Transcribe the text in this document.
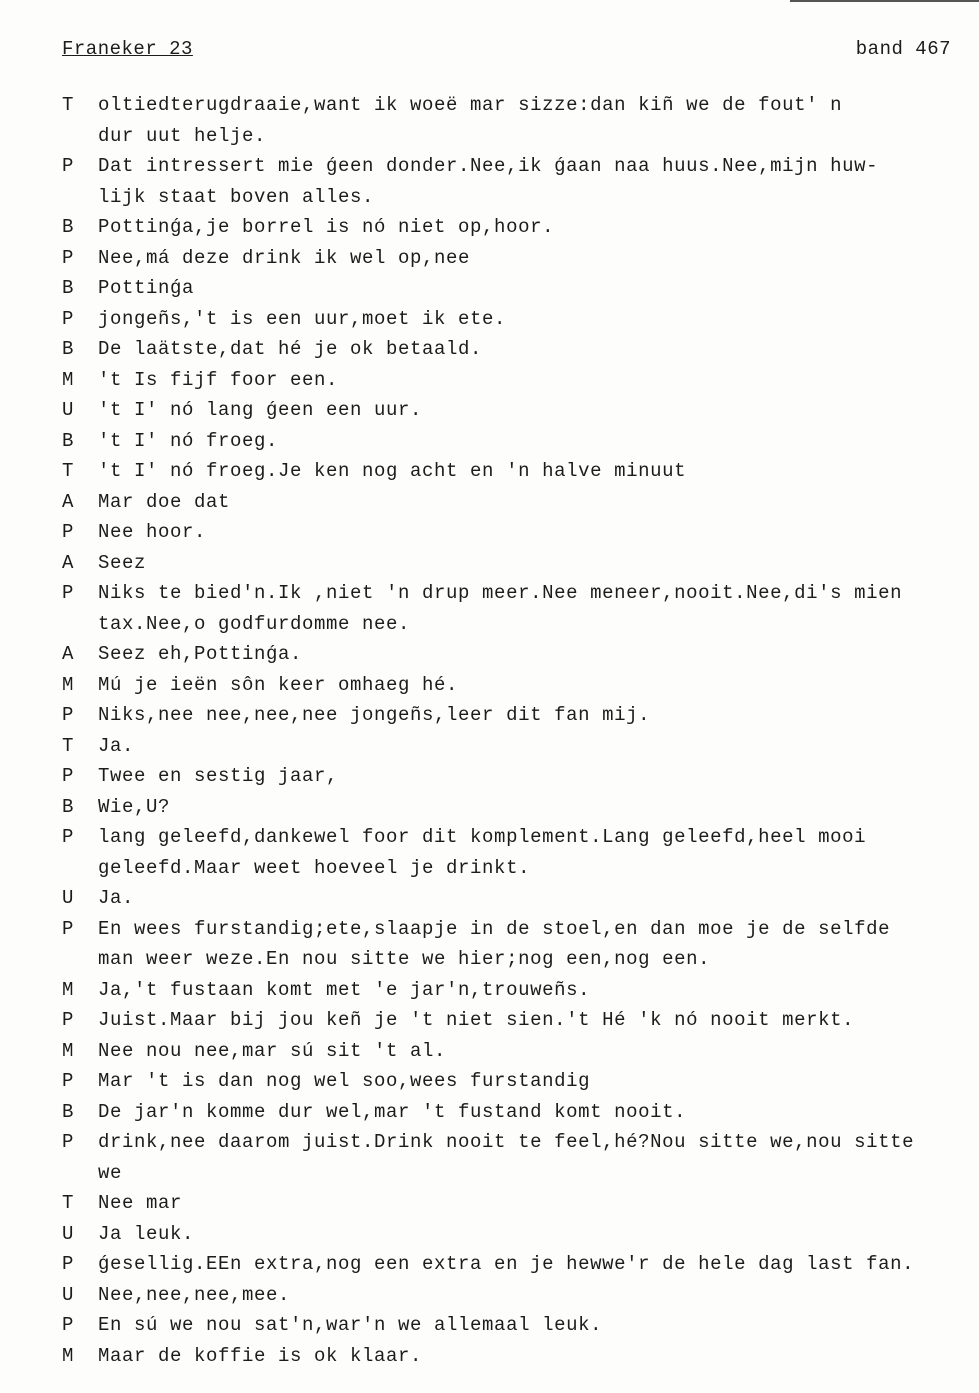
Franeker 23	band 467
T	oltiedterugdraaie,want ik woeë mar sizze:dan kiñ we de fout' n
dur uut helje.
P	Dat intressert mie ǵeen donder.Nee,ik ǵaan naa huus.Nee,mijn huw-
lijk staat boven alles.
B	Pottinǵa,je borrel is nó niet op,hoor.
P	Nee,má deze drink ik wel op,nee
B	Pottinǵa
P	jongeñs,'t is een uur,moet ik ete.
B	De laätste,dat hé je ok betaald.
M	't Is fijf foor een.
U	't I' nó lang ǵeen een uur.
B	't I' nó froeg.
T	't I' nó froeg.Je ken nog acht en 'n halve minuut
A	Mar doe dat
P	Nee hoor.
A	Seez
P	Niks te bied'n.Ik ,niet 'n drup meer.Nee meneer,nooit.Nee,di's mien
tax.Nee,o godfurdomme nee.
A	Seez eh,Pottinǵa.
M	Mú je ieën sôn keer omhaeg hé.
P	Niks,nee nee,nee,nee jongeñs,leer dit fan mij.
T	Ja.
P	Twee en sestig jaar,
B	Wie,U?
P	lang geleefd,dankewel foor dit komplement.Lang geleefd,heel mooi
geleefd.Maar weet hoeveel je drinkt.
U	Ja.
P	En wees furstandig;ete,slaapje in de stoel,en dan moe je de selfde
man weer weze.En nou sitte we hier;nog een,nog een.
M	Ja,'t fustaan komt met 'e jar'n,trouweñs.
P	Juist.Maar bij jou keñ je 't niet sien.'t Hé 'k nó nooit merkt.
M	Nee nou nee,mar sú sit 't al.
P	Mar 't is dan nog wel soo,wees furstandig
B	De jar'n komme dur wel,mar 't fustand komt nooit.
P	drink,nee daarom juist.Drink nooit te feel,hé?Nou sitte we,nou sitte
we
T	Nee mar
U	Ja leuk.
P	ǵesellig.EEn extra,nog een extra en je hewwe'r de hele dag last fan.
U	Nee,nee,nee,mee.
P	En sú we nou sat'n,war'n we allemaal leuk.
M	Maar de koffie is ok klaar.
